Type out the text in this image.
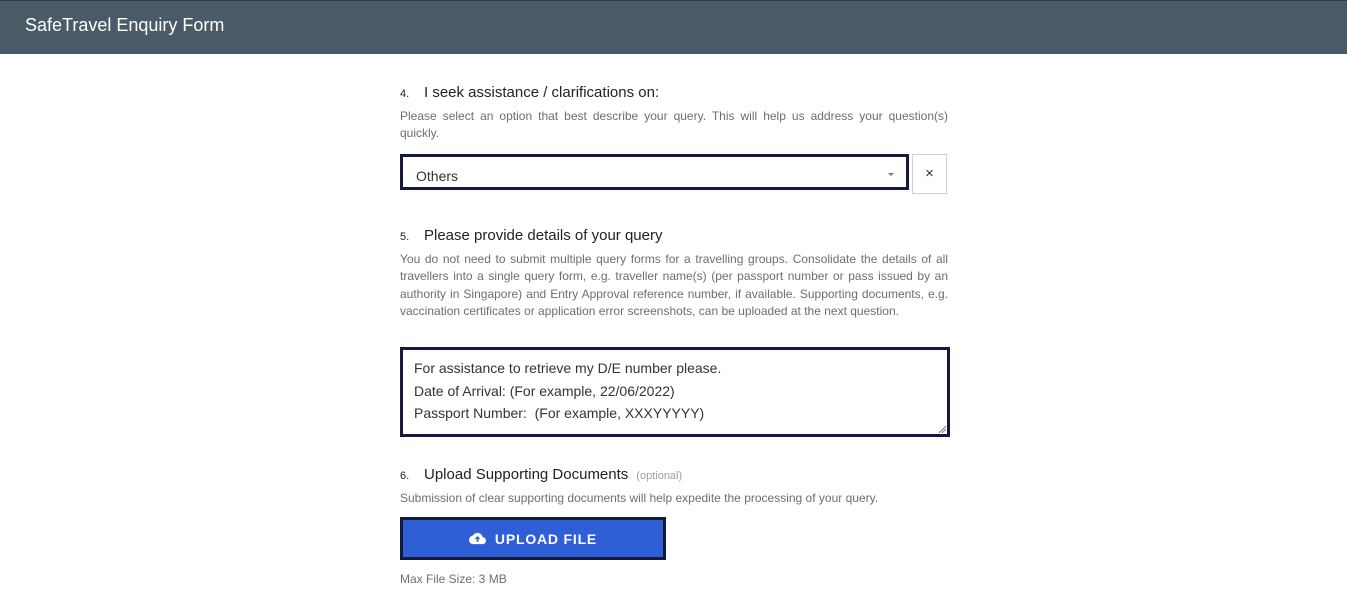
SafeTravel Enquiry Form
4. I seek assistance / clarifications on:
Please select an option that best describe your query. This will help us address your question(s) quickly.
Others	×
5. Please provide details of your query
You do not need to submit multiple query forms for a travelling groups. Consolidate the details of all travellers into a single query form, e.g. traveller name(s) (per passport number or pass issued by an authority in Singapore) and Entry Approval reference number, if available. Supporting documents, e.g. vaccination certificates or application error screenshots, can be uploaded at the next question.
For assistance to retrieve my D/E number please.
Date of Arrival: (For example, 22/06/2022)
Passport Number:  (For example, XXXYYYYY)
6. Upload Supporting Documents (optional)
Submission of clear supporting documents will help expedite the processing of your query.
UPLOAD FILE
Max File Size: 3 MB
